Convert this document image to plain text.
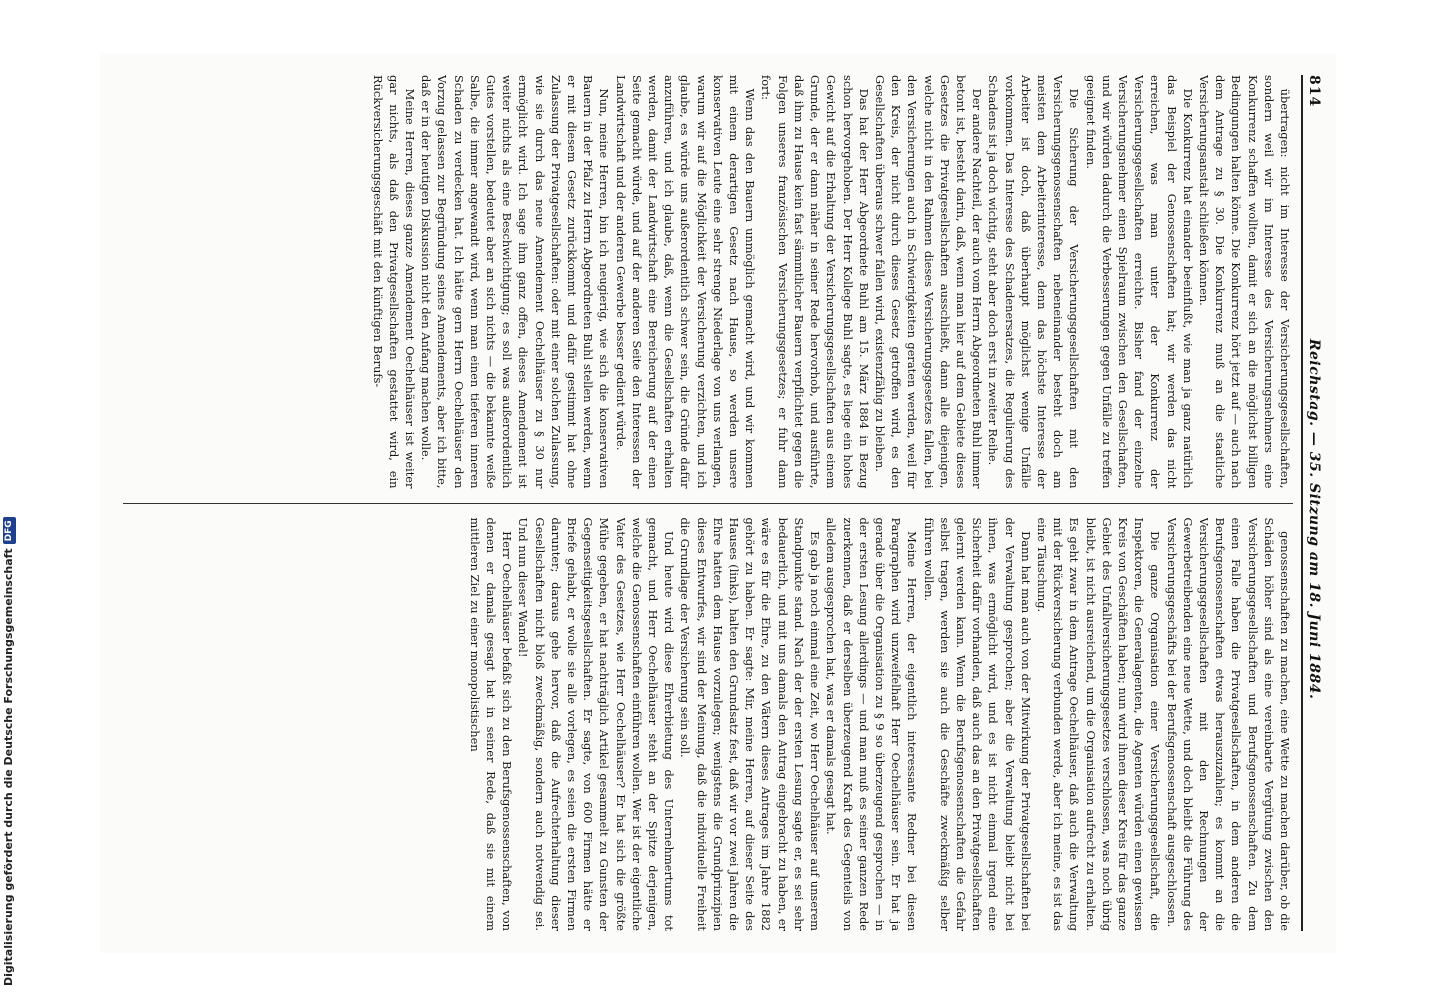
Digitalisierung gefördert durch die Deutsche Forschungsgemeinschaft
DFG
814
Reichstag. — 35. Sitzung am 18. Juni 1884.

übertragen: nicht im Interesse der Versicherungsgesellschaften, sondern weil wir im Interesse des Versicherungsnehmers eine Konkurrenz schaffen wollten, damit er sich an die möglichst billigen Bedingungen halten könne. Die Konkurrenz hört jetzt auf — auch nach dem Antrage zu § 30. Die Konkurrenz muß an die staatliche Versicherungsanstalt schließen können.

Die Konkurrenz hat einander beeinflußt, wie man ja ganz natürlich das Beispiel der Genossenschaften hat; wir werden das nicht erreichen, was man unter der Konkurrenz der Versicherungsgesellschaften erreichte. Bisher fand der einzelne Versicherungsnehmer einen Spielraum zwischen den Gesellschaften, und wir würden dadurch die Verbesserungen gegen Unfälle zu treffen geeignet finden.

Die Sicherung der Versicherungsgesellschaften mit den Versicherungsgenossenschaften nebeneinander besteht doch am meisten dem Arbeiterinteresse, denn das höchste Interesse der Arbeiter ist doch, daß überhaupt möglichst wenige Unfälle vorkommen. Das Interesse des Schadenersatzes, die Regulierung des Schadens ist ja doch wichtig, steht aber doch erst in zweiter Reihe.

Der andere Nachteil, der auch vom Herrn Abgeordneten Buhl immer betont ist, besteht darin, daß, wenn man hier auf dem Gebiete dieses Gesetzes die Privatgesellschaften ausschließt, dann alle diejenigen, welche nicht in den Rahmen dieses Versicherungsgesetzes fallen, bei den Versicherungen auch in Schwierigkeiten geraten werden, weil für den Kreis, der nicht durch dieses Gesetz getroffen wird, es den Gesellschaften überaus schwer fallen wird, existenzfähig zu bleiben.

Das hat der Herr Abgeordnete Buhl am 15. März 1884 in Bezug schon hervorgehoben. Der Herr Kollege Buhl sagte, es liege ein hohes Gewicht auf die Erhaltung der Versicherungsgesellschaften aus einem Grunde, der er dann näher in seiner Rede hervorhob, und ausführte, daß ihm zu Hause kein fast sämmtlicher Bauern verpflichtet gegen die Folgen unseres französischen Versicherungsgesetzes; er fuhr dann fort:

Wenn das den Bauern unmöglich gemacht wird, und wir kommen mit einem derartigen Gesetz nach Hause, so werden unsere konservativen Leute eine sehr strenge Niederlage von uns verlangen, warum wir auf die Möglichkeit der Versicherung verzichten, und ich glaube, es würde uns außerordentlich schwer sein, die Gründe dafür anzuführen, und ich glaube, daß, wenn die Gesellschaften erhalten werden, damit der Landwirtschaft eine Bereicherung auf der einen Seite gemacht würde, und auf der anderen Seite den Interessen der Landwirtschaft und der anderen Gewerbe besser gedient würde.

Nun, meine Herren, bin ich neugierig, wie sich die konservativen Bauern in der Pfalz zu Herrn Abgeordneten Buhl stellen werden, wenn er mit diesem Gesetz zurückkommt und dafür gestimmt hat ohne Zulassung der Privatgesellschaften: oder mit einer solchen Zulassung, wie sie durch das neue Amendement Oechelhäuser zu § 30 nur ermöglicht wird. Ich sage ihm ganz offen, dieses Amendement ist weiter nichts als eine Beschwichtigung; es soll was außerordentlich Gutes vorstellen, bedeutet aber an sich nichts — die bekannte weiße Salbe, die immer angewandt wird, wenn man einen tieferen inneren Schaden zu verdecken hat. Ich hätte gern Herrn Oechelhäuser den Vorzug gelassen zur Begründung seines Amendements, aber ich bitte, daß er in der heutigen Diskussion nicht den Anfang machen wolle.

Meine Herren, dieses ganze Amendement Oechelhäuser ist weiter gar nichts, als daß den Privatgesellschaften gestattet wird, ein Rückversicherungsgeschäft mit den künftigen Berufs-

genossenschaften zu machen, eine Wette zu machen darüber, ob die Schäden höher sind als eine vereinbarte Vergütung zwischen den Versicherungsgesellschaften und Berufsgenossenschaften. Zu dem einen Falle haben die Privatgesellschaften, in dem anderen die Berufsgenossenschaften etwas herauszuzahlen; es kommt an die Versicherungsgesellschaften mit den Rechnungen der Gewerbetreibenden eine neue Wette, und doch bleibt die Führung des Versicherungsgeschäfts bei der Berufsgenossenschaft ausgeschlossen.

Die ganze Organisation einer Versicherungsgesellschaft, die Inspektoren, die Generalagenten, die Agenten würden einen gewissen Kreis von Geschäften haben; nun wird ihnen dieser Kreis für das ganze Gebiet des Unfallversicherungsgesetzes verschlossen, was noch übrig bleibt, ist nicht ausreichend, um die Organisation aufrecht zu erhalten. Es geht zwar in dem Antrage Oechelhäuser, daß auch die Verwaltung mit der Rückversicherung verbunden werde, aber ich meine, es ist das eine Täuschung.

Dann hat man auch von der Mitwirkung der Privatgesellschaften bei der Verwaltung gesprochen; aber die Verwaltung bleibt nicht bei ihnen, was ermöglicht wird, und es ist nicht einmal irgend eine Sicherheit dafür vorhanden, daß auch das an den Privatgesellschaften gelernt werden kann. Wenn die Berufsgenossenschaften die Gefahr selbst tragen, werden sie auch die Geschäfte zweckmäßig selber führen wollen.

Meine Herren, der eigentlich interessante Redner bei diesen Paragraphen wird unzweifelhaft Herr Oechelhäuser sein. Er hat ja gerade über die Organisation zu § 9 so überzeugend gesprochen — in der ersten Lesung allerdings — und man muß es seiner ganzen Rede zuerkennen, daß er derselben überzeugend Kraft des Gegenteils von alledem ausgesprochen hat, was er damals gesagt hat.

Es gab ja noch einmal eine Zeit, wo Herr Oechelhäuser auf unserem Standpunkte stand. Nach der der ersten Lesung sagte er, es sei sehr bedauerlich, und mit uns damals den Antrag eingebracht zu haben, er wäre es für die Ehre, zu den Vätern dieses Antrages im Jahre 1882 gehört zu haben. Er sagte: Mir, meine Herren, auf dieser Seite des Hauses (links), halten den Grundsatz fest, daß wir vor zwei Jahren die Ehre hatten dem Hause vorzulegen; wenigstens die Grundprinzipien dieses Entwurfes, wir sind der Meinung, daß die individuelle Freiheit die Grundlage der Versicherung sein soll.

Und heute wird diese Ehrerbietung des Unternehmertums tot gemacht, und Herr Oechelhäuser steht an der Spitze derjenigen, welche die Genossenschaften einführen wollen. Wer ist der eigentliche Vater des Gesetzes, wie Herr Oechelhäuser? Er hat sich die größte Mühe gegeben, er hat nachträglich Artikel gesammelt zu Gunsten der Gegenseitigkeitsgesellschaften. Er sagte, von 600 Firmen hätte er Briefe gehabt, er wolle sie alle vorlegen, es seien die ersten Firmen darunter; daraus gehe hervor, daß die Aufrechterhaltung dieser Gesellschaften nicht bloß zweckmäßig, sondern auch notwendig sei. Und nun dieser Wandel!

Herr Oechelhäuser befaßt sich zu den Berufsgenossenschaften, von denen er damals gesagt hat in seiner Rede, daß sie mit einem mittleren Ziel zu einer monopolistischen
